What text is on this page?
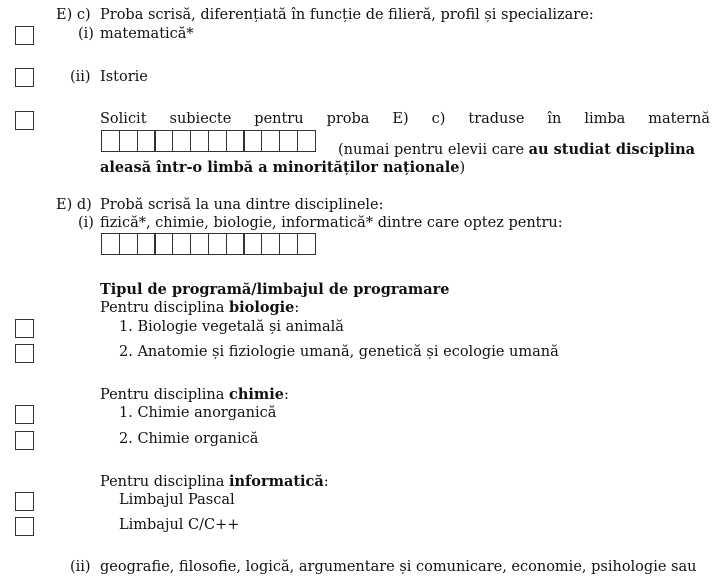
E) c) Proba scrisă, diferențiată în funcție de filieră, profil și specializare:
(i) matematică*
(ii) Istorie
Solicit subiecte pentru proba E) c) traduse în limba maternă
(numai pentru elevii care au studiat disciplina
aleasă într-o limbă a minorităților naționale)
E) d) Probă scrisă la una dintre disciplinele:
(i) fizică*, chimie, biologie, informatică* dintre care optez pentru:
Tipul de programă/limbajul de programare
Pentru disciplina biologie:
1. Biologie vegetală și animală
2. Anatomie și fiziologie umană, genetică și ecologie umană
Pentru disciplina chimie:
1. Chimie anorganică
2. Chimie organică
Pentru disciplina informatică:
Limbajul Pascal
Limbajul C/C++
(ii) geografie, filosofie, logică, argumentare și comunicare, economie, psihologie sau
